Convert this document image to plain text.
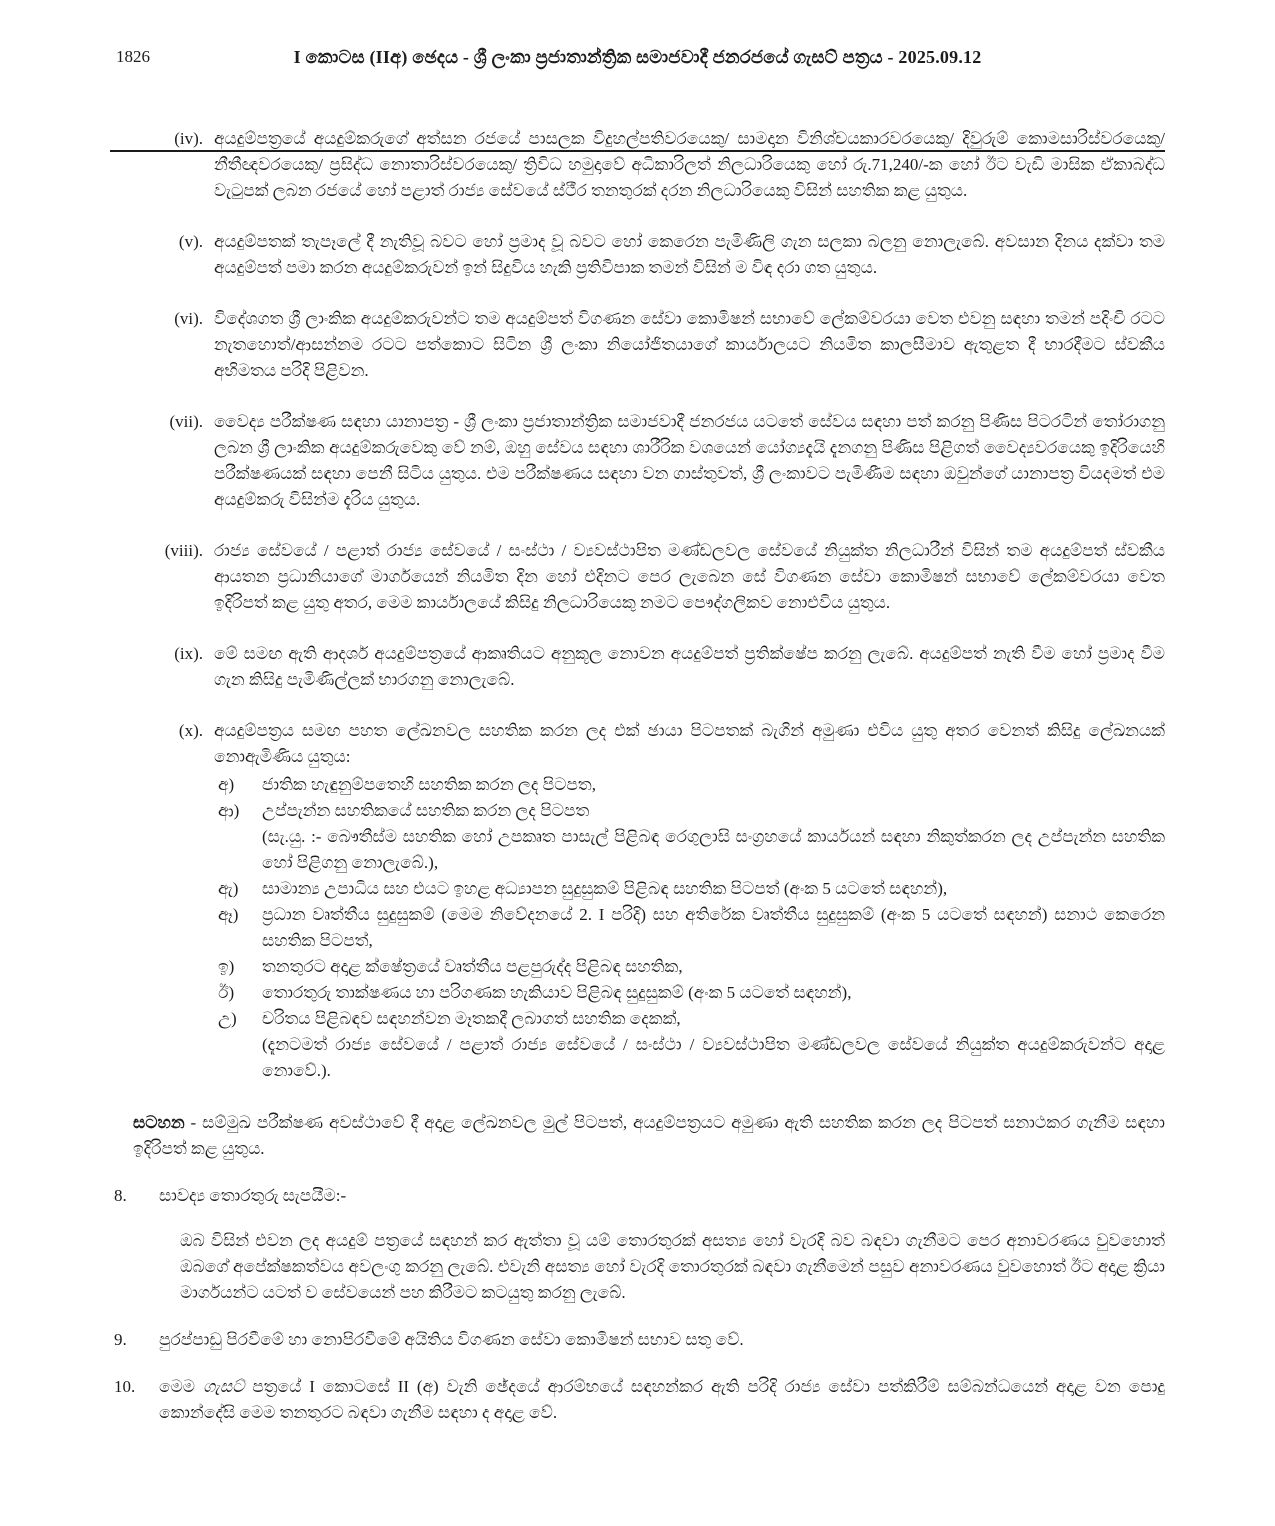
1826	I කොටස (IIඅ) ඡෙදය - ශ්‍රී ලංකා ප්‍රජාතාන්ත්‍රික සමාජවාදී ජනරජයේ ගැසට් පත්‍රය - 2025.09.12
(iv). අයදුම්පත්‍රයේ අයදුම්කරුගේ අත්සන රජයේ පාසලක විදුහල්පතිවරයෙකු/ සාමදාන විනිශ්චයකාරවරයෙකු/ දිවුරුම් කොමසාරිස්වරයෙකු/නීතීඥවරයෙකු/ ප්‍රසිද්ධ නොතාරිස්වරයෙකු/ ත්‍රිවිධ හමුදාවේ අධිකාරිලත් නිලධාරියෙකු හෝ රු.71,240/-ක හෝ ඊට වැඩි මාසික ඒකාබද්ධ වැටුපක් ලබන රජයේ හෝ පළාත් රාජ්‍ය සේවයේ ස්ථීර තනතුරක් දරන නිලධාරියෙකු විසින් සහතික කළ යුතුය.
(v). අයදුම්පතක් තැපෑලේ දී නැතිවූ බවට හෝ ප්‍රමාද වූ බවට හෝ කෙරෙන පැමිණිලි ගැන සලකා බලනු නොලැබේ. අවසාන දිනය දක්වා තම අයදුම්පත් පමා කරන අයදුම්කරුවන් ඉන් සිදුවිය හැකි ප්‍රතිවිපාක තමන් විසින් ම විඳ දරා ගත යුතුය.
(vi). විදේශගත ශ්‍රී ලාංකික අයදුම්කරුවන්ට තම අයදුම්පත් විගණන සේවා කොමිෂන් සභාවේ ලේකම්වරයා වෙත එවනු සඳහා තමන් පදිංචි රටට නැතහොත්/ආසන්නම රටට පත්කොට සිටින ශ්‍රී ලංකා නියෝජිතයාගේ කාර්යාලයට නියමිත කාලසීමාව ඇතුළත දී භාරදීමට ස්වකීය අභිමතය පරිදි පිළිවන.
(vii). වෛද්‍ය පරීක්ෂණ සඳහා යානාපත්‍ර - ශ්‍රී ලංකා ප්‍රජාතාන්ත්‍රික සමාජවාදී ජනරජය යටතේ සේවය සඳහා පත් කරනු පිණිස පිටරටින් තෝරාගනු ලබන ශ්‍රී ලාංකික අයදුම්කරුවෙකු වේ නම්, ඔහු සේවය සඳහා ශාරීරික වශයෙන් යෝග්‍යදැයි දැනගනු පිණිස පිළිගත් වෛද්‍යවරයෙකු ඉදිරියෙහි පරීක්ෂණයක් සඳහා පෙනී සිටිය යුතුය. එම පරීක්ෂණය සඳහා වන ගාස්තුවත්, ශ්‍රී ලංකාවට පැමිණීම සඳහා ඔවුන්ගේ යානාපත්‍ර වියදමත් එම අයදුම්කරු විසින්ම දැරිය යුතුය.
(viii). රාජ්‍ය සේවයේ / පළාත් රාජ්‍ය සේවයේ / සංස්ථා / ව්‍යවස්ථාපිත මණ්ඩලවල සේවයේ නියුක්ත නිලධාරීන් විසින් තම අයදුම්පත් ස්වකීය ආයතන ප්‍රධානියාගේ මාර්ගයෙන් නියමිත දින හෝ එදිනට පෙර ලැබෙන සේ විගණන සේවා කොමිෂන් සභාවේ ලේකම්වරයා වෙත ඉදිරිපත් කළ යුතු අතර, මෙම කාර්යාලයේ කිසිදු නිලධාරියෙකු නමට පෞද්ගලිකව නොඑවිය යුතුය.
(ix). මේ සමඟ ඇති ආදර්ශ අයදුම්පත්‍රයේ ආකෘතියට අනුකූල නොවන අයදුම්පත් ප්‍රතික්ෂේප කරනු ලැබේ. අයදුම්පත් නැති වීම හෝ ප්‍රමාද වීම ගැන කිසිදු පැමිණිල්ලක් භාරගනු නොලැබේ.
(x). අයදුම්පත්‍රය සමඟ පහත ලේඛනවල සහතික කරන ලද එක් ඡායා පිටපතක් බැගින් අමුණා එවිය යුතු අතර වෙනත් කිසිදු ලේඛනයක් නොඇමිණිය යුතුය:
අ)	ජාතික හැඳුනුම්පතෙහි සහතික කරන ලද පිටපත,
ආ)	උප්පැන්න සහතිකයේ සහතික කරන ලද පිටපත
(සැ.යු. :- බෞතීස්ම සහතික හෝ උපකෘත පාසැල් පිළිබඳ රෙගුලාසි සංග්‍රහයේ කාර්යයන් සඳහා නිකුත්කරන ලද උප්පැන්න සහතික හෝ පිළිගනු නොලැබේ.),
ඇ)	සාමාන්‍ය උපාධිය සහ එයට ඉහළ අධ්‍යාපන සුදුසුකම් පිළිබඳ සහතික පිටපත් (අංක 5 යටතේ සඳහන්),
ඈ)	ප්‍රධාන වෘත්තීය සුදුසුකම් (මෙම නිවේදනයේ 2. I පරිදි) සහ අතිරේක වෘත්තීය සුදුසුකම් (අංක 5 යටතේ සඳහන්) සනාථ කෙරෙන සහතික පිටපත්,
ඉ)	තනතුරට අදාළ ක්ෂේත්‍රයේ වෘත්තීය පළපුරුද්ද පිළිබඳ සහතික,
ඊ)	තොරතුරු තාක්ෂණය හා පරිගණක හැකියාව පිළිබඳ සුදුසුකම් (අංක 5 යටතේ සඳහන්),
උ)	චරිතය පිළිබඳව සඳහන්වන මෑතකදී ලබාගත් සහතික දෙකක්,
(දැනටමත් රාජ්‍ය සේවයේ / පළාත් රාජ්‍ය සේවයේ / සංස්ථා / ව්‍යවස්ථාපිත මණ්ඩලවල සේවයේ නියුක්ත අයදුම්කරුවන්ට අදාළ නොවේ.).
සටහන - සම්මුඛ පරීක්ෂණ අවස්ථාවේ දී අදාළ ලේඛනවල මුල් පිටපත්, අයදුම්පත්‍රයට අමුණා ඇති සහතික කරන ලද පිටපත් සනාථකර ගැනීම සඳහා ඉදිරිපත් කළ යුතුය.
8.	සාවද්‍ය තොරතුරු සැපයීම:-
ඔබ විසින් එවන ලද අයදුම් පත්‍රයේ සඳහන් කර ඇත්තා වූ යම් තොරතුරක් අසත්‍ය හෝ වැරදි බව බඳවා ගැනීමට පෙර අනාවරණය වුවහොත් ඔබගේ අපේක්ෂකත්වය අවලංගු කරනු ලැබේ. එවැනි අසත්‍ය හෝ වැරදි තොරතුරක් බඳවා ගැනීමෙන් පසුව අනාවරණය වුවහොත් ඊට අදාළ ක්‍රියා මාර්ගයන්ට යටත් ව සේවයෙන් පහ කිරීමට කටයුතු කරනු ලැබේ.
9.	පුරප්පාඩු පිරවීමේ හා නොපිරවීමේ අයිතිය විගණන සේවා කොමිෂන් සභාව සතු වේ.
10.	මෙම ගැසට් පත්‍රයේ I කොටසේ II (අ) වැනි ඡේදයේ ආරම්භයේ සඳහන්කර ඇති පරිදි රාජ්‍ය සේවා පත්කිරීම් සම්බන්ධයෙන් අදාළ වන පොදු කොන්දේසි මෙම තනතුරට බඳවා ගැනීම සඳහා ද අදාළ වේ.
